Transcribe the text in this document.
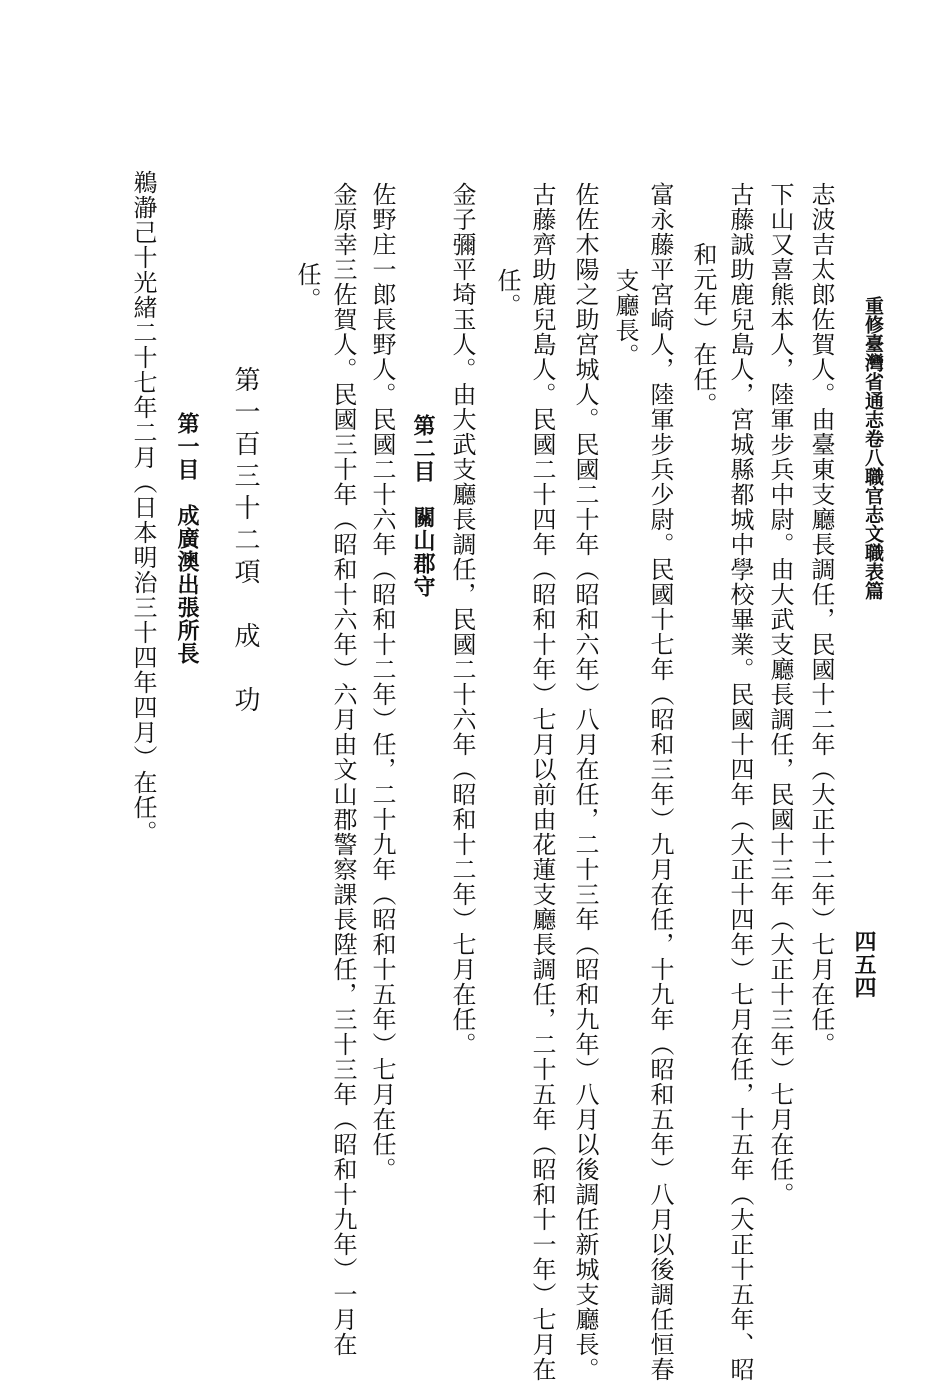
重修臺灣省通志卷八職官志文職表篇
四五四
志波吉太郎佐賀人。由臺東支廳長調任，民國十二年（大正十二年）七月在任。
下山又喜熊本人，陸軍步兵中尉。由大武支廳長調任，民國十三年（大正十三年）七月在任。
古藤誠助鹿兒島人，宮城縣都城中學校畢業。民國十四年（大正十四年）七月在任，十五年（大正十五年、昭
和元年）在任。
富永藤平宮崎人，陸軍步兵少尉。民國十七年（昭和三年）九月在任，十九年（昭和五年）八月以後調任恒春
支廳長。
佐佐木陽之助宮城人。民國二十年（昭和六年）八月在任，二十三年（昭和九年）八月以後調任新城支廳長。
古藤齊助鹿兒島人。民國二十四年（昭和十年）七月以前由花蓮支廳長調任，二十五年（昭和十一年）七月在
任。
金子彌平埼玉人。由大武支廳長調任，民國二十六年（昭和十二年）七月在任。
第二目　關山郡守
佐野庄一郎長野人。民國二十六年（昭和十二年）任，二十九年（昭和十五年）七月在任。
金原幸三佐賀人。民國三十年（昭和十六年）六月由文山郡警察課長陞任，三十三年（昭和十九年）一月在
任。
第一百三十二項　成　功
第一目　成廣澳出張所長
鵜瀞己十光緒二十七年二月（日本明治三十四年四月）在任。
